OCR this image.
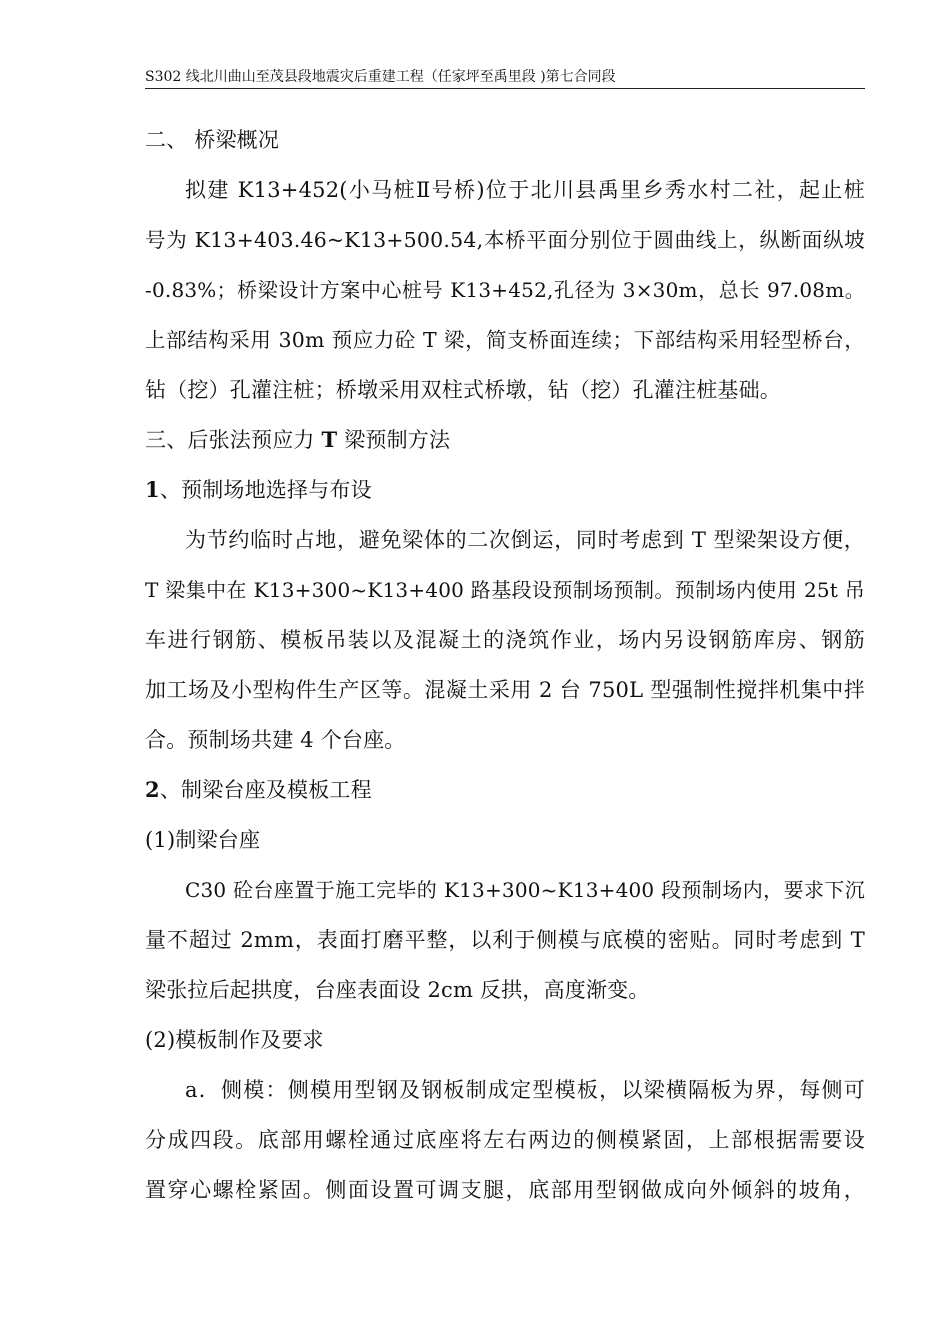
S302 线北川曲山至茂县段地震灾后重建工程（任家坪至禹里段 )第七合同段
二、 桥梁概况
拟建 K13+452(小马桩Ⅱ号桥)位于北川县禹里乡秀水村二社，起止桩
号为 K13+403.46~K13+500.54,本桥平面分别位于圆曲线上，纵断面纵坡
-0.83%；桥梁设计方案中心桩号 K13+452,孔径为 3×30m，总长 97.08m。
上部结构采用 30m 预应力砼 T 梁，简支桥面连续；下部结构采用轻型桥台，
钻（挖）孔灌注桩；桥墩采用双柱式桥墩，钻（挖）孔灌注桩基础。
三、后张法预应力 T 梁预制方法
1、预制场地选择与布设
为节约临时占地，避免梁体的二次倒运，同时考虑到 T 型梁架设方便，
T 梁集中在 K13+300~K13+400 路基段设预制场预制。预制场内使用 25t 吊
车进行钢筋、模板吊装以及混凝土的浇筑作业，场内另设钢筋库房、钢筋
加工场及小型构件生产区等。混凝土采用 2 台 750L 型强制性搅拌机集中拌
合。预制场共建 4 个台座。
2、制梁台座及模板工程
(1)制梁台座
C30 砼台座置于施工完毕的 K13+300~K13+400 段预制场内，要求下沉
量不超过 2mm，表面打磨平整，以利于侧模与底模的密贴。同时考虑到 T
梁张拉后起拱度，台座表面设 2cm 反拱，高度渐变。
(2)模板制作及要求
a．侧模：侧模用型钢及钢板制成定型模板，以梁横隔板为界，每侧可
分成四段。底部用螺栓通过底座将左右两边的侧模紧固，上部根据需要设
置穿心螺栓紧固。侧面设置可调支腿，底部用型钢做成向外倾斜的坡角，
